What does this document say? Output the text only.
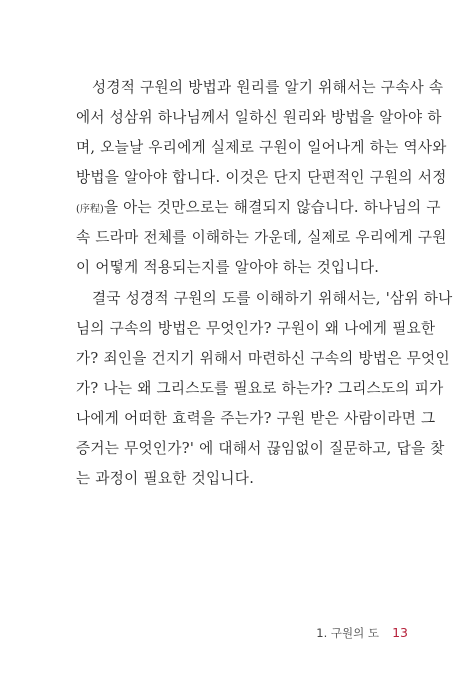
성경적 구원의 방법과 원리를 알기 위해서는 구속사 속
에서 성삼위 하나님께서 일하신 원리와 방법을 알아야 하
며, 오늘날 우리에게 실제로 구원이 일어나게 하는 역사와
방법을 알아야 합니다. 이것은 단지 단편적인 구원의 서정
(序程)을 아는 것만으로는 해결되지 않습니다. 하나님의 구
속 드라마 전체를 이해하는 가운데, 실제로 우리에게 구원
이 어떻게 적용되는지를 알아야 하는 것입니다.
결국 성경적 구원의 도를 이해하기 위해서는, '삼위 하나
님의 구속의 방법은 무엇인가? 구원이 왜 나에게 필요한
가? 죄인을 건지기 위해서 마련하신 구속의 방법은 무엇인
가? 나는 왜 그리스도를 필요로 하는가? 그리스도의 피가
나에게 어떠한 효력을 주는가? 구원 받은 사람이라면 그
증거는 무엇인가?' 에 대해서 끊임없이 질문하고, 답을 찾
는 과정이 필요한 것입니다.
1. 구원의 도 13
